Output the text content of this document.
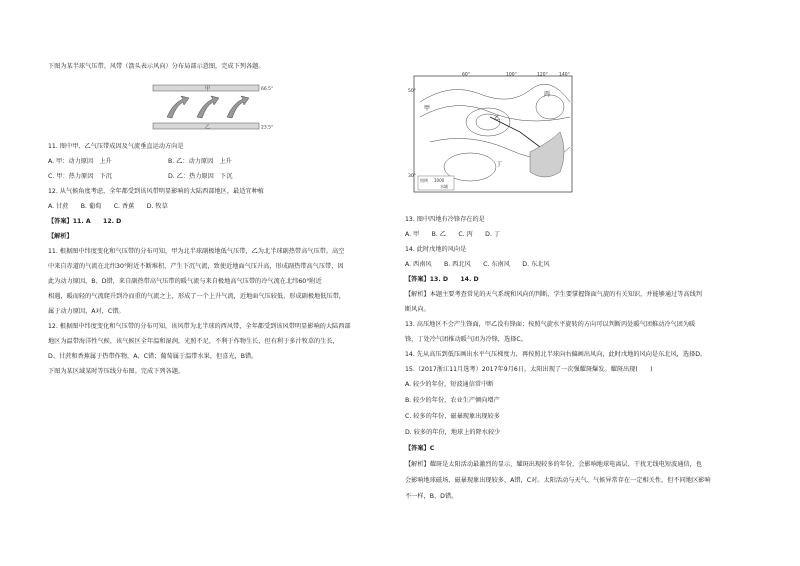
下图为某半球气压带、风带（箭头表示风向）分布局部示意图，完成下列各题。
甲
乙
66.5°
23.5°
11. 图中甲、乙气压带成因及气流垂直运动方向是
A. 甲：动力原因　上升	B. 乙：动力原因　上升
C. 甲：热力原因　下沉	D. 乙：热力原因　下沉
12. 从气候角度考虑，全年都受到该风带明显影响的大陆西部地区，最适宜种植
A. 甘蔗　　B. 葡萄　　C. 香蕉　　D. 牧草
【答案】11. A　　12. D
【解析】
11. 根据图中纬度变化和气压带的分布可知，甲为北半球副极地低气压带，乙为北半球副热带高气压带。高空
中来自赤道的气流在北纬30°附近不断堆积，产生下沉气流，致使近地面气压升高，形成副热带高气压带，因
此为动力原因，B、D错，来自副热带高气压带的暖气流与来自极地高气压带的冷气流在北纬60°附近
相遇，暖而轻的气流爬升到冷而重的气流之上，形成了一个上升气流，近地面气压较低，形成副极地低压带，
属于动力原因，A对，C错。
12. 根据图中纬度变化和气压带的分布可知，该风带为北半球的西风带，全年都受到该风带明显影响的大陆西部
地区为温带海洋性气候，该气候区全年温和湿润，光照不足，不利于作物生长，但有利于多汁牧草的生长，
D、甘蔗和香蕉属于热带作物，A、C错；葡萄属于温带水果，但喜光，B错。
下图为某区域某时等压线分布图。完成下列各题。
60°	100°	120° 140°
50°
30°
甲
乙
丙
丁
图例 1000
水域
13. 图中四地有冷锋存在的是
A. 甲　　B. 乙　　C. 丙　　D. 丁
14. 此时戊地的风向是
A. 西南风　　B. 西北风　　C. 东南风　　D. 东北风
【答案】13. D　　14. D
【解析】本题主要考查常见的天气系统和风向的判断，学生要掌握锋面气旋的有关知识，并能够通过等高线判
断风向。
13. 高压地区不会产生锋面，甲乙没有锋面；按照气旋水平旋转的方向可以判断丙处暖气团推动冷气团为暖
锋，丁处冷气团推动暖气团为冷锋，选择C。
14. 先从高压到低压画出水平气压梯度力，再按照北半球向右偏画出风向，此时戊地的风向是东北风，选择D。
15.（2017浙江11月选考）2017年9月6日，太阳出现了一次强耀斑爆发。耀斑出现(　　)
A. 较少的年份，短波通信常中断
B. 较少的年份，农业生产倾向增产
C. 较多的年份，磁暴现象出现较多
D. 较多的年份，地球上的降水较少
【答案】C
【解析】耀斑是太阳活动最激烈的显示，耀斑出现较多的年份，会影响地球电离层，干扰无线电短波通信，也
会影响地球磁场，磁暴现象出现较多，A错，C对。太阳活动与天气、气候异常存在一定相关性，但不同地区影响
不一样，B、D错。
